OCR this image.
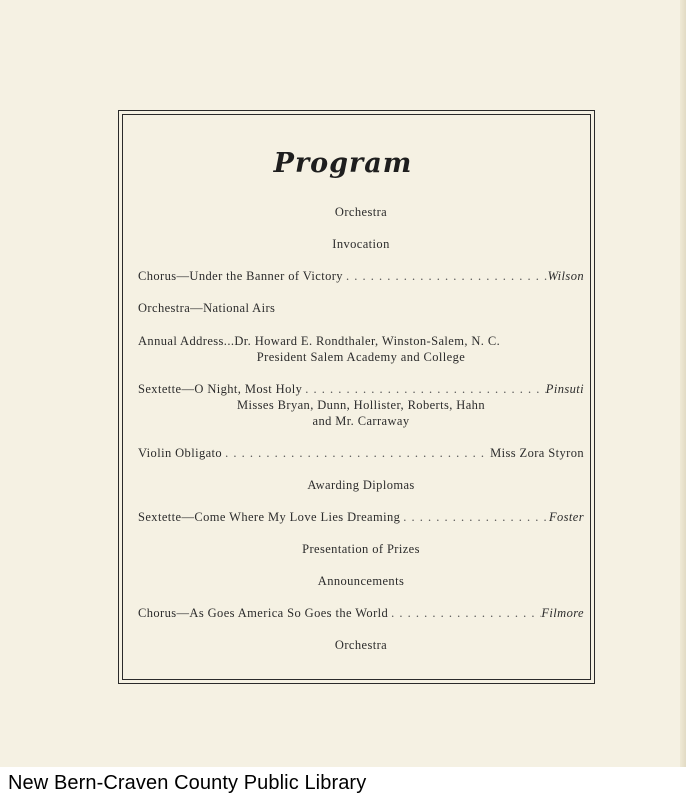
Program
Orchestra
Invocation
Chorus—Under the Banner of Victory . . .	Wilson
Orchestra—National Airs
Annual Address...Dr. Howard E. Rondthaler, Winston-Salem, N. C.
President Salem Academy and College
Sextette—O Night, Most Holy . . .	Pinsuti
Misses Bryan, Dunn, Hollister, Roberts, Hahn
and Mr. Carraway
Violin Obligato . . .	Miss Zora Styron
Awarding Diplomas
Sextette—Come Where My Love Lies Dreaming . . .	Foster
Presentation of Prizes
Announcements
Chorus—As Goes America So Goes the World . . .	Filmore
Orchestra
New Bern-Craven County Public Library
